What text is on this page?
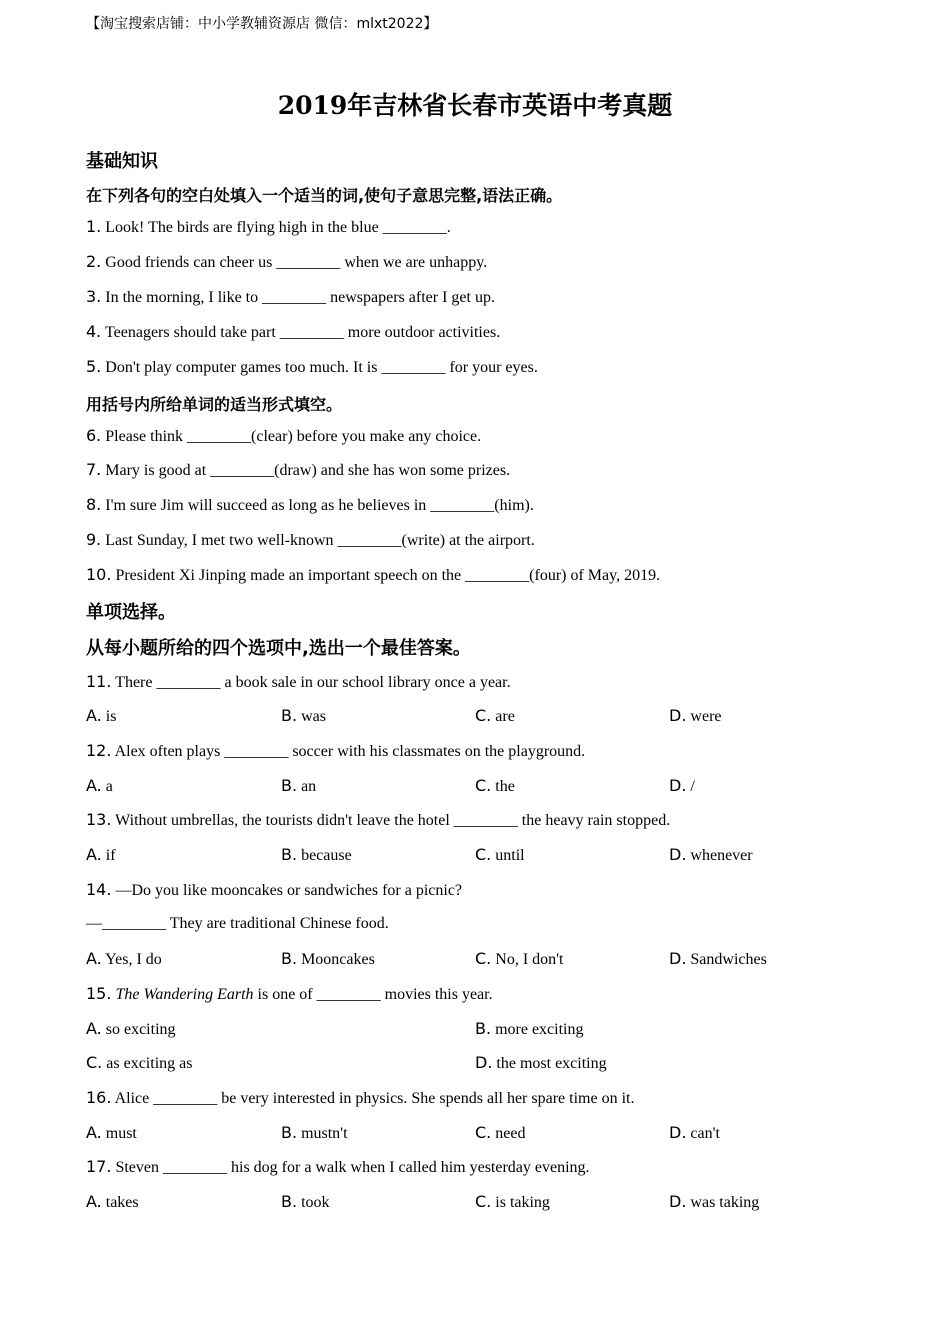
【淘宝搜索店铺：中小学教辅资源店 微信：mlxt2022】
2019年吉林省长春市英语中考真题
基础知识
在下列各句的空白处填入一个适当的词,使句子意思完整,语法正确。
1. Look! The birds are flying high in the blue ________.
2. Good friends can cheer us ________ when we are unhappy.
3. In the morning, I like to ________ newspapers after I get up.
4. Teenagers should take part ________ more outdoor activities.
5. Don't play computer games too much. It is ________ for your eyes.
用括号内所给单词的适当形式填空。
6. Please think ________(clear) before you make any choice.
7. Mary is good at ________(draw) and she has won some prizes.
8. I'm sure Jim will succeed as long as he believes in ________(him).
9. Last Sunday, I met two well-known ________(write) at the airport.
10. President Xi Jinping made an important speech on the ________(four) of May, 2019.
单项选择。
从每小题所给的四个选项中,选出一个最佳答案。
11. There ________ a book sale in our school library once a year.
A. is	B. was	C. are	D. were
12. Alex often plays ________ soccer with his classmates on the playground.
A. a	B. an	C. the	D. /
13. Without umbrellas, the tourists didn't leave the hotel ________ the heavy rain stopped.
A. if	B. because	C. until	D. whenever
14. —Do you like mooncakes or sandwiches for a picnic?
—________ They are traditional Chinese food.
A. Yes, I do	B. Mooncakes	C. No, I don't	D. Sandwiches
15. The Wandering Earth is one of ________ movies this year.
A. so exciting	B. more exciting
C. as exciting as	D. the most exciting
16. Alice ________ be very interested in physics. She spends all her spare time on it.
A. must	B. mustn't	C. need	D. can't
17. Steven ________ his dog for a walk when I called him yesterday evening.
A. takes	B. took	C. is taking	D. was taking
